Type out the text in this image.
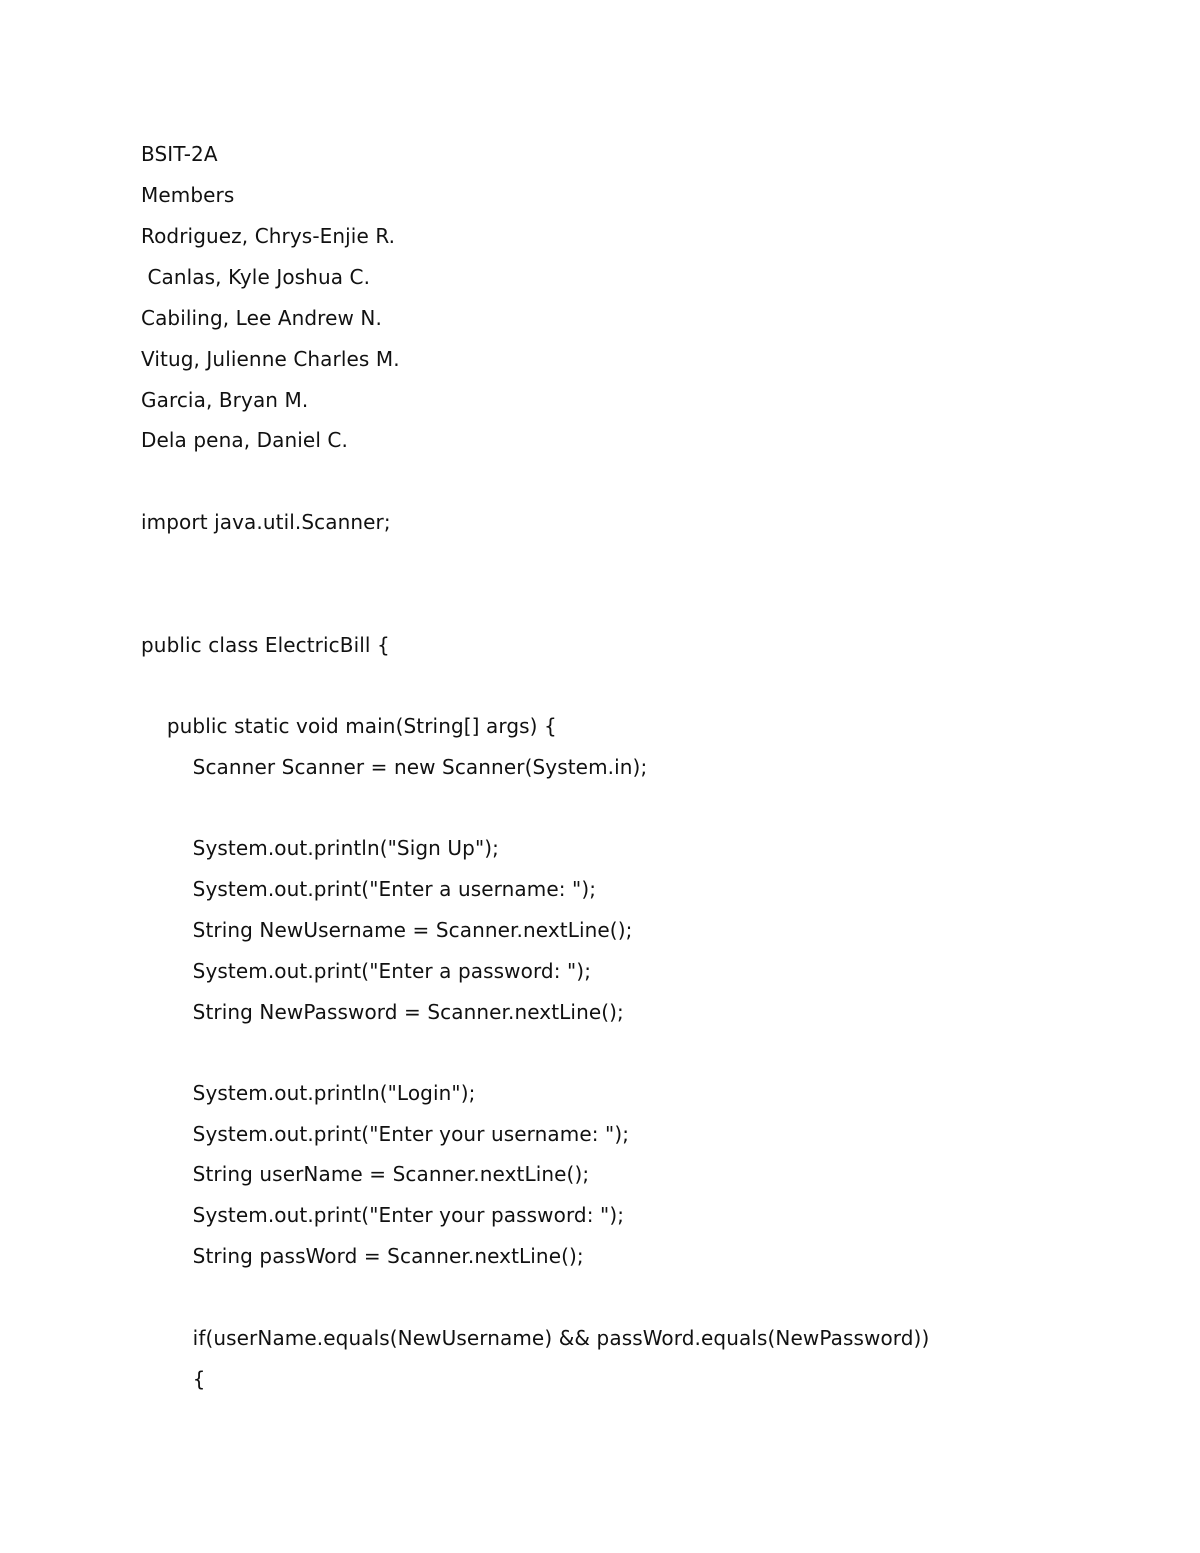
BSIT-2A

Members

Rodriguez, Chrys-Enjie R.

Canlas, Kyle Joshua C.

Cabiling, Lee Andrew N.

Vitug, Julienne Charles M.

Garcia, Bryan M.

Dela pena, Daniel C.

import java.util.Scanner;

public class ElectricBill {

public static void main(String[] args) {

Scanner Scanner = new Scanner(System.in);

System.out.println("Sign Up");

System.out.print("Enter a username: ");

String NewUsername = Scanner.nextLine();

System.out.print("Enter a password: ");

String NewPassword = Scanner.nextLine();

System.out.println("Login");

System.out.print("Enter your username: ");

String userName = Scanner.nextLine();

System.out.print("Enter your password: ");

String passWord = Scanner.nextLine();

if(userName.equals(NewUsername) && passWord.equals(NewPassword))

{
